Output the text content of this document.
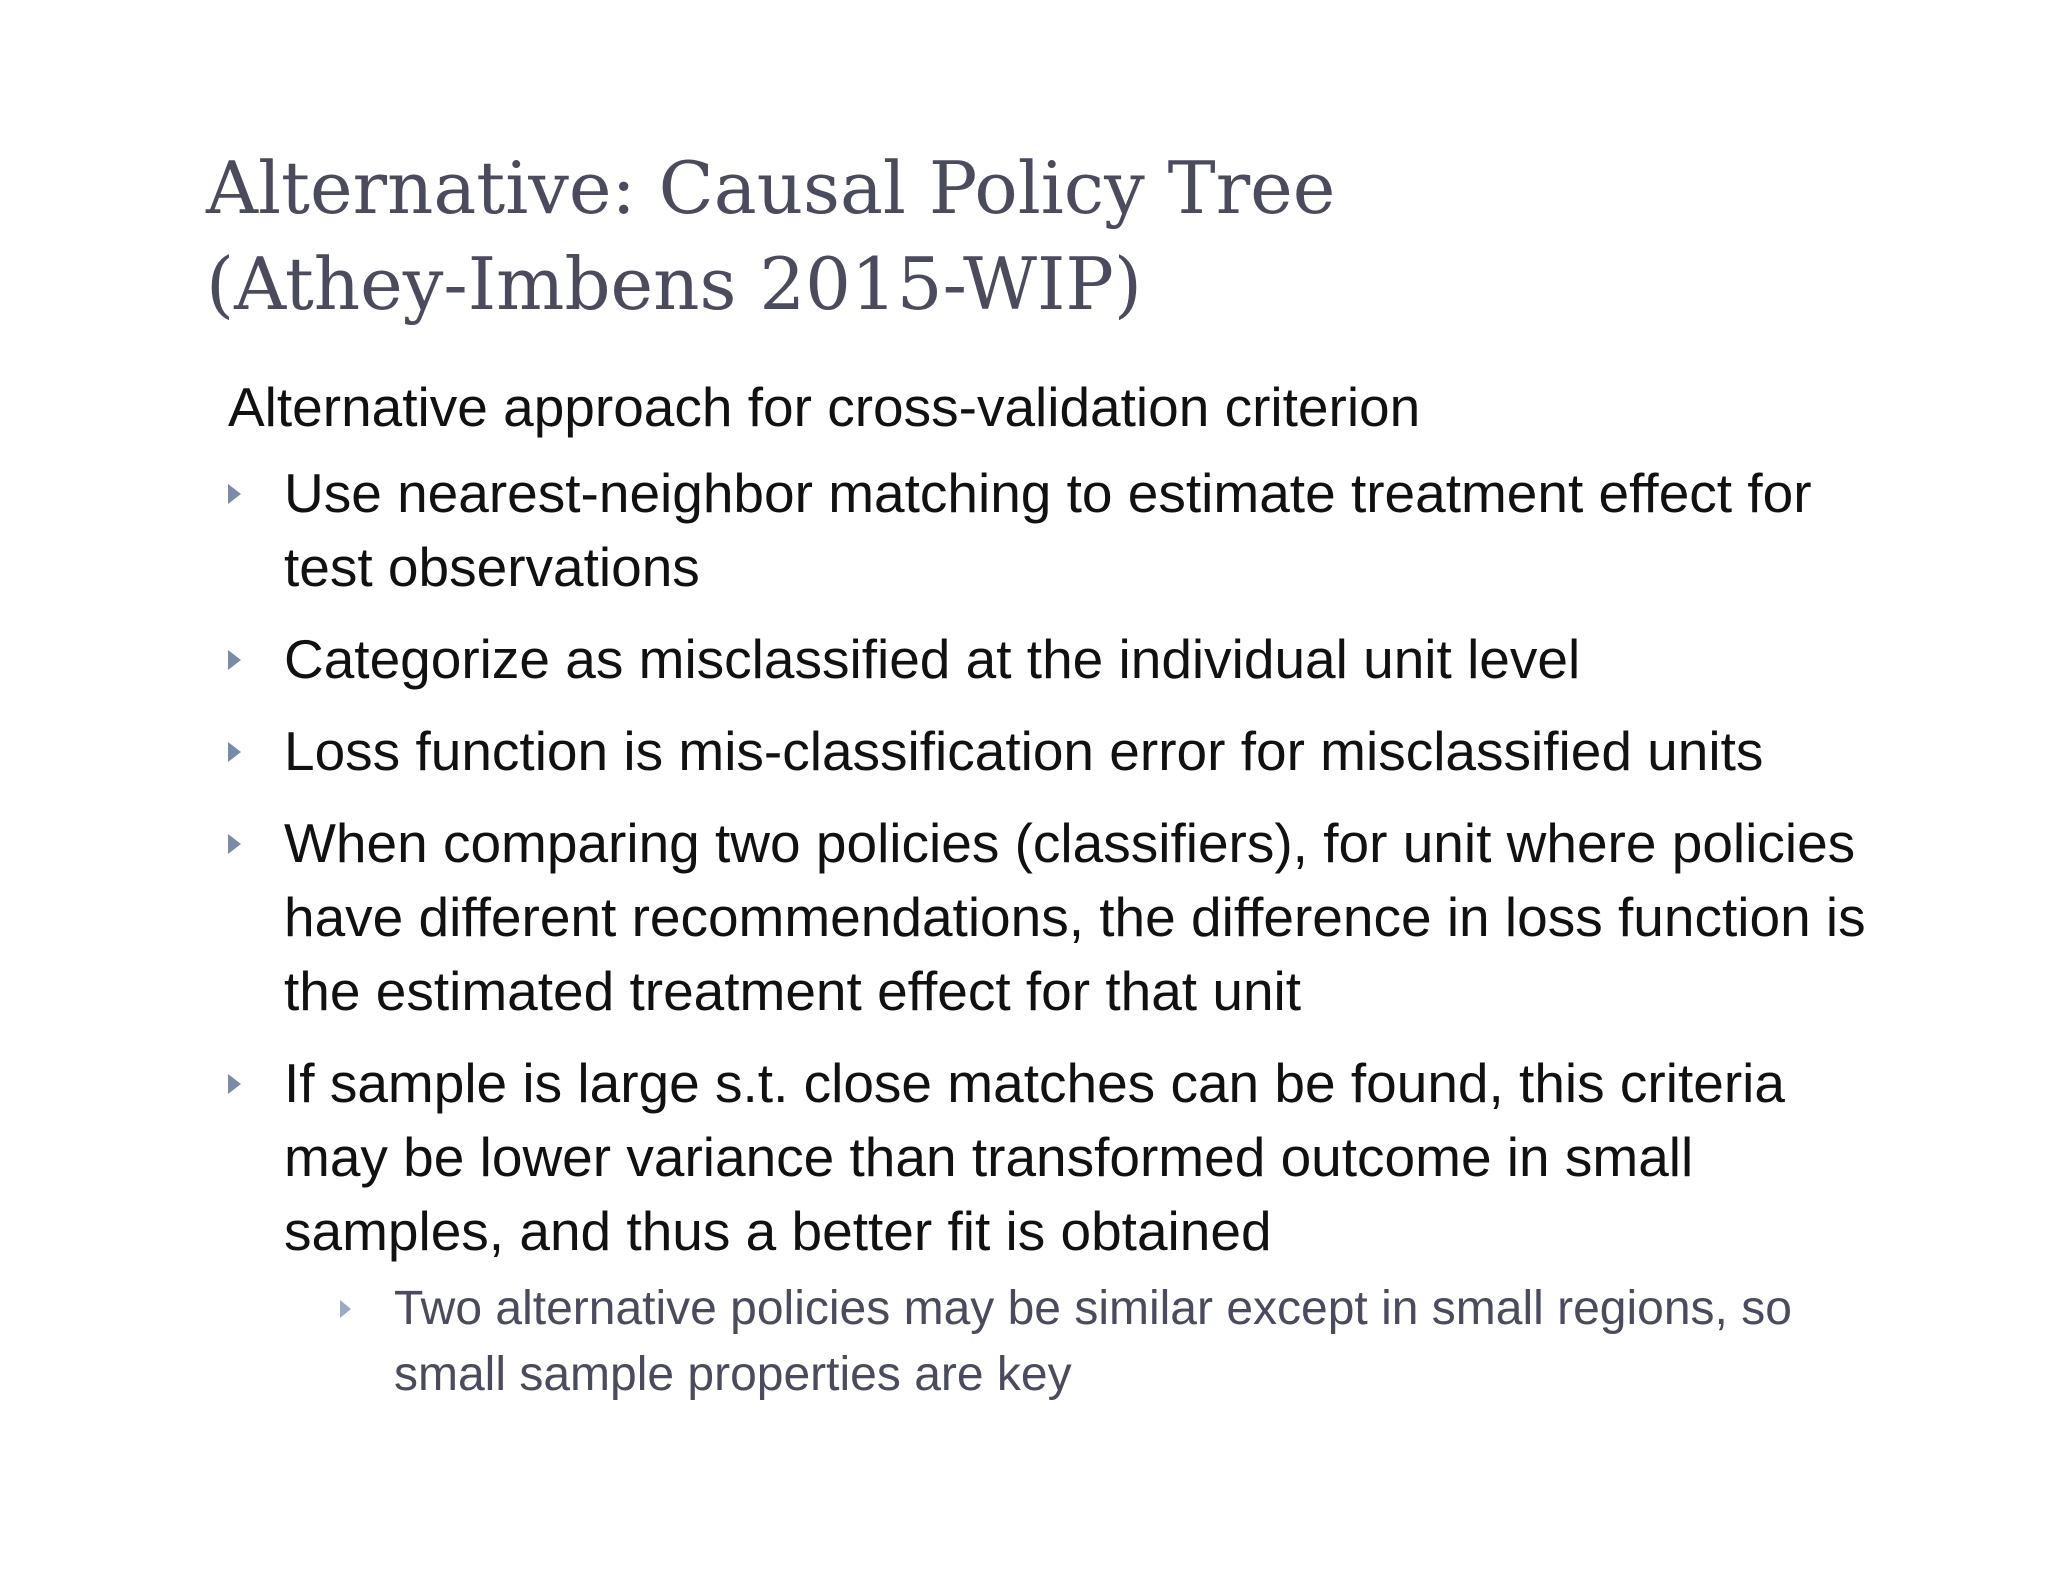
Alternative: Causal Policy Tree
(Athey-Imbens 2015-WIP)

Alternative approach for cross-validation criterion

Use nearest-neighbor matching to estimate treatment effect for test observations
Categorize as misclassified at the individual unit level
Loss function is mis-classification error for misclassified units
When comparing two policies (classifiers), for unit where policies have different recommendations, the difference in loss function is the estimated treatment effect for that unit
If sample is large s.t. close matches can be found, this criteria may be lower variance than transformed outcome in small samples, and thus a better fit is obtained
Two alternative policies may be similar except in small regions, so small sample properties are key
